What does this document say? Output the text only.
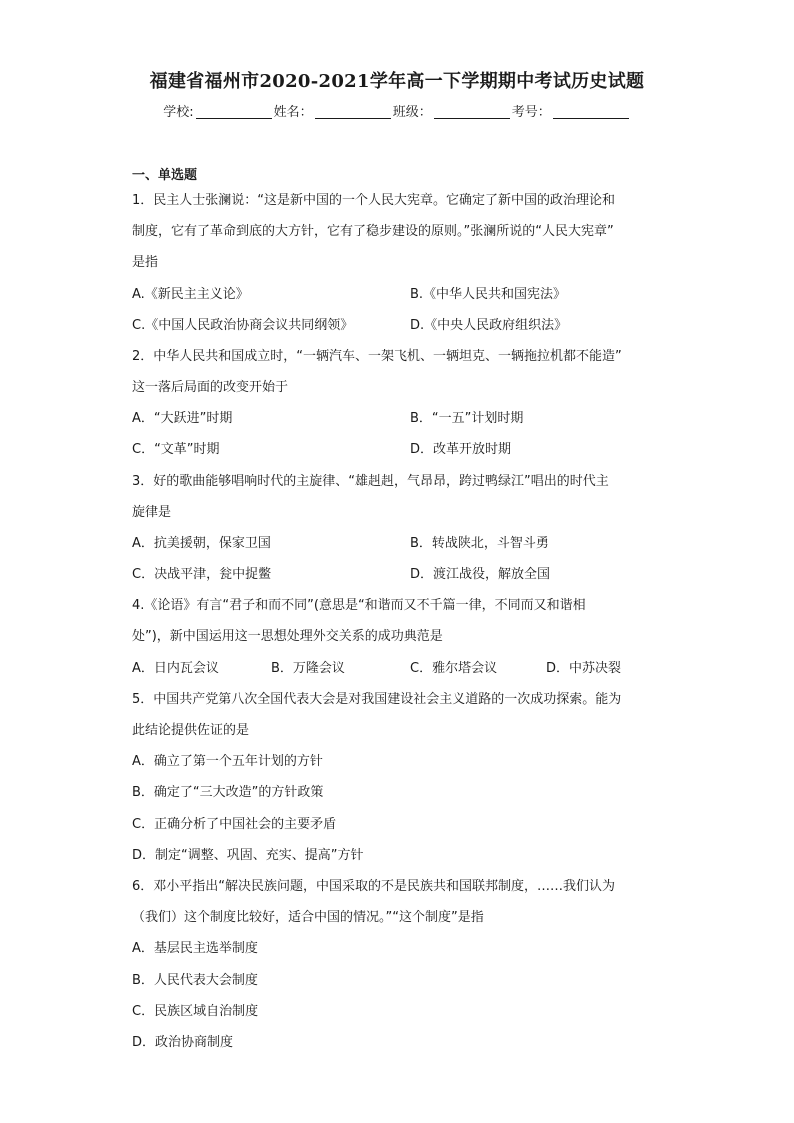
福建省福州市2020-2021学年高一下学期期中考试历史试题
学校:	姓名：	班级：	考号：
一、单选题
1．民主人士张澜说：“这是新中国的一个人民大宪章。它确定了新中国的政治理论和
制度，它有了革命到底的大方针，它有了稳步建设的原则。”张澜所说的“人民大宪章”
是指
A.《新民主主义论》	B.《中华人民共和国宪法》
C.《中国人民政治协商会议共同纲领》	D.《中央人民政府组织法》
2．中华人民共和国成立时，“一辆汽车、一架飞机、一辆坦克、一辆拖拉机都不能造”
这一落后局面的改变开始于
A．“大跃进”时期	B．“一五”计划时期
C．“文革”时期	D．改革开放时期
3．好的歌曲能够唱响时代的主旋律、“雄赳赳，气昂昂，跨过鸭绿江”唱出的时代主
旋律是
A．抗美援朝，保家卫国	B．转战陕北，斗智斗勇
C．决战平津，瓮中捉鳖	D．渡江战役，解放全国
4.《论语》有言“君子和而不同”(意思是“和谐而又不千篇一律，不同而又和谐相
处”)，新中国运用这一思想处理外交关系的成功典范是
A．日内瓦会议	B．万隆会议	C．雅尔塔会议	D．中苏决裂
5．中国共产党第八次全国代表大会是对我国建设社会主义道路的一次成功探索。能为
此结论提供佐证的是
A．确立了第一个五年计划的方针
B．确定了“三大改造”的方针政策
C．正确分析了中国社会的主要矛盾
D．制定“调整、巩固、充实、提高”方针
6．邓小平指出“解决民族问题，中国采取的不是民族共和国联邦制度，……我们认为
（我们）这个制度比较好，适合中国的情况。”“这个制度”是指
A．基层民主选举制度
B．人民代表大会制度
C．民族区域自治制度
D．政治协商制度
